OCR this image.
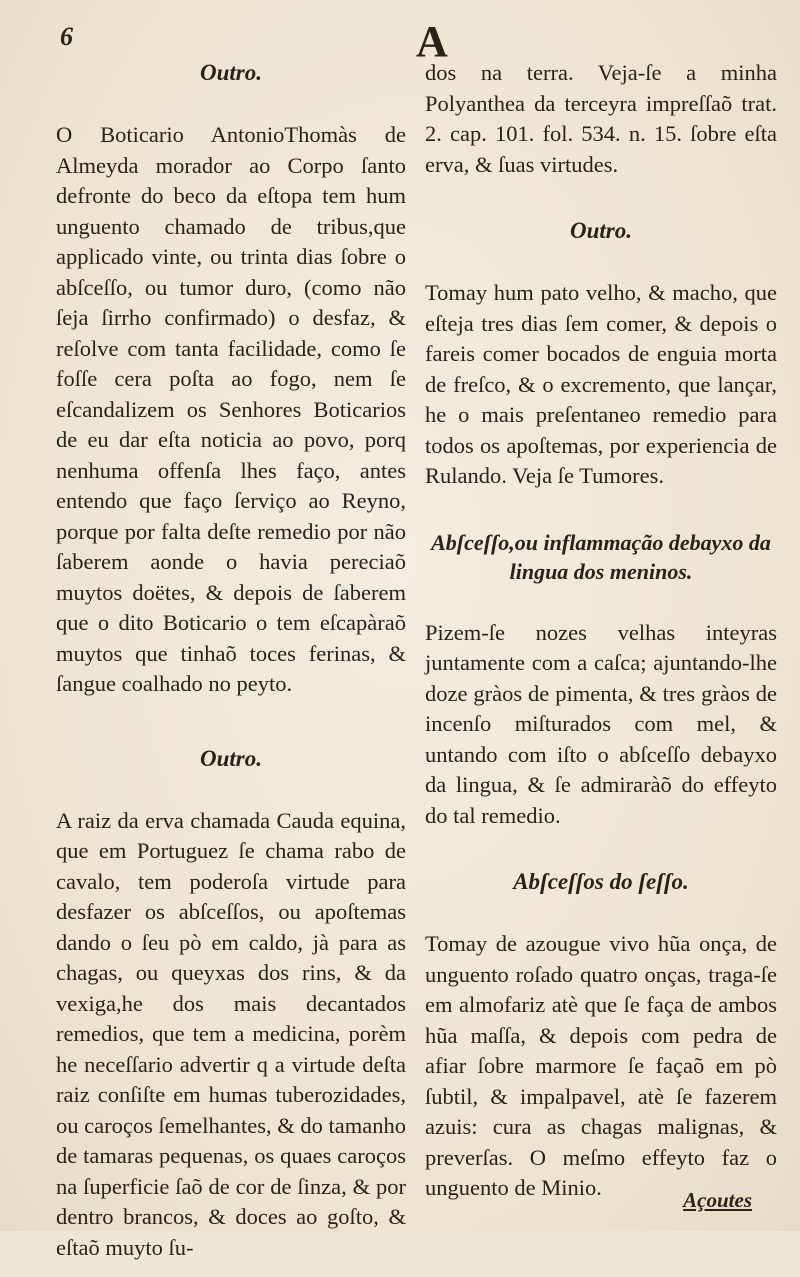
6	A
Outro.

O Boticario AntonioThomàs de Almeyda morador ao Corpo ſanto defronte do beco da eſtopa tem hum unguento chamado de tribus,que applicado vinte, ou trinta dias ſobre o abſceſſo, ou tumor duro, (como não ſeja ſirrho confirmado) o desfaz, & reſolve com tanta facilidade, como ſe foſſe cera poſta ao fogo, nem ſe eſcandalizem os Senhores Boticarios de eu dar eſta noticia ao povo, porq nenhuma offenſa lhes faço, antes entendo que faço ſerviço ao Reyno, porque por falta deſte remedio por não ſaberem aonde o havia pereciaõ muytos doëtes, & depois de ſaberem que o dito Boticario o tem eſcapàraõ muytos que tinhaõ toces ferinas, & ſangue coalhado no peyto.

Outro.

A raiz da erva chamada Cauda equina, que em Portuguez ſe chama rabo de cavalo, tem poderoſa virtude para desfazer os abſceſſos, ou apoſtemas dando o ſeu pò em caldo, jà para as chagas, ou queyxas dos rins, & da vexiga,he dos mais decantados remedios, que tem a medicina, porèm he neceſſario advertir q a virtude deſta raiz conſiſte em humas tuberozidades, ou caroços ſemelhantes, & do tamanho de tamaras pequenas, os quaes caroços na ſuperficie ſaõ de cor de ſinza, & por dentro brancos, & doces ao goſto, & eſtaõ muyto ſu-

dos na terra. Veja-ſe a minha Polyanthea da terceyra impreſſaõ trat. 2. cap. 101. fol. 534. n. 15. ſobre eſta erva, & ſuas virtudes.

Outro.

Tomay hum pato velho, & macho, que eſteja tres dias ſem comer, & depois o fareis comer bocados de enguia morta de freſco, & o excremento, que lançar, he o mais preſentaneo remedio para todos os apoſtemas, por experiencia de Rulando. Veja ſe Tumores.

Abſceſſo,ou inflammação debayxo da lingua dos meninos.

Pizem-ſe nozes velhas inteyras juntamente com a caſca; ajuntando-lhe doze gràos de pimenta, & tres gràos de incenſo miſturados com mel, & untando com iſto o abſceſſo debayxo da lingua, & ſe admiraràõ do effeyto do tal remedio.

Abſceſſos do ſeſſo.

Tomay de azougue vivo hũa onça, de unguento roſado quatro onças, traga-ſe em almofariz atè que ſe faça de ambos hũa maſſa, & depois com pedra de afiar ſobre marmore ſe façaõ em pò ſubtil, & impalpavel, atè ſe fazerem azuis: cura as chagas malignas, & preverſas. O meſmo effeyto faz o unguento de Minio.	Açoutes
